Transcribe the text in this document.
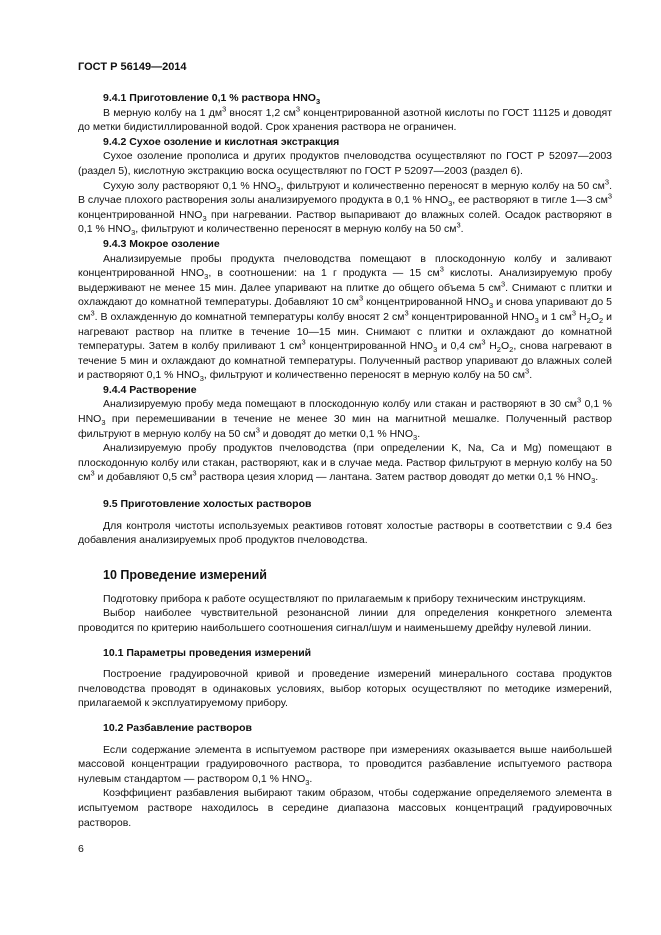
ГОСТ Р 56149—2014
9.4.1 Приготовление 0,1 % раствора $HNO_3$

В мерную колбу на 1 $дм^3$ вносят 1,2 $см^3$ концентрированной азотной кислоты по ГОСТ 11125 и доводят до метки бидистиллированной водой. Срок хранения раствора не ограничен.

9.4.2 Сухое озоление и кислотная экстракция

Сухое озоление прополиса и других продуктов пчеловодства осуществляют по ГОСТ Р 52097—2003 (раздел 5), кислотную экстракцию воска осуществляют по ГОСТ Р 52097—2003 (раздел 6).

Сухую золу растворяют 0,1 % $HNO_3$, фильтруют и количественно переносят в мерную колбу на 50 $см^3$. В случае плохого растворения золы анализируемого продукта в 0,1 % $HNO_3$, ее растворяют в тигле 1—3 $см^3$ концентрированной $HNO_3$ при нагревании. Раствор выпаривают до влажных солей. Осадок растворяют в 0,1 % $HNO_3$, фильтруют и количественно переносят в мерную колбу на 50 $см^3$.

9.4.3 Мокрое озоление

Анализируемые пробы продукта пчеловодства помещают в плоскодонную колбу и заливают концентрированной $HNO_3$, в соотношении: на 1 г продукта — 15 $см^3$ кислоты. Анализируемую пробу выдерживают не менее 15 мин. Далее упаривают на плитке до общего объема 5 $см^3$. Снимают с плитки и охлаждают до комнатной температуры. Добавляют 10 $см^3$ концентрированной $HNO_3$ и снова упаривают до 5 $см^3$. В охлажденную до комнатной температуры колбу вносят 2 $см^3$ концентрированной $HNO_3$ и 1 $см^3$ $H_2O_2$ и нагревают раствор на плитке в течение 10—15 мин. Снимают с плитки и охлаждают до комнатной температуры. Затем в колбу приливают 1 $см^3$ концентрированной $HNO_3$ и 0,4 $см^3$ $H_2O_2$, снова нагревают в течение 5 мин и охлаждают до комнатной температуры. Полученный раствор упаривают до влажных солей и растворяют 0,1 % $HNO_3$, фильтруют и количественно переносят в мерную колбу на 50 $см^3$.

9.4.4 Растворение

Анализируемую пробу меда помещают в плоскодонную колбу или стакан и растворяют в 30 $см^3$ 0,1 % $HNO_3$ при перемешивании в течение не менее 30 мин на магнитной мешалке. Полученный раствор фильтруют в мерную колбу на 50 $см^3$ и доводят до метки 0,1 % $HNO_3$.

Анализируемую пробу продуктов пчеловодства (при определении K, Na, Ca и Mg) помещают в плоскодонную колбу или стакан, растворяют, как и в случае меда. Раствор фильтруют в мерную колбу на 50 $см^3$ и добавляют 0,5 $см^3$ раствора цезия хлорид — лантана. Затем раствор доводят до метки 0,1 % $HNO_3$.

9.5 Приготовление холостых растворов

Для контроля чистоты используемых реактивов готовят холостые растворы в соответствии с 9.4 без добавления анализируемых проб продуктов пчеловодства.

10 Проведение измерений

Подготовку прибора к работе осуществляют по прилагаемым к прибору техническим инструкциям.

Выбор наиболее чувствительной резонансной линии для определения конкретного элемента проводится по критерию наибольшего соотношения сигнал/шум и наименьшему дрейфу нулевой линии.

10.1 Параметры проведения измерений

Построение градуировочной кривой и проведение измерений минерального состава продуктов пчеловодства проводят в одинаковых условиях, выбор которых осуществляют по методике измерений, прилагаемой к эксплуатируемому прибору.

10.2 Разбавление растворов

Если содержание элемента в испытуемом растворе при измерениях оказывается выше наибольшей массовой концентрации градуировочного раствора, то проводится разбавление испытуемого раствора нулевым стандартом — раствором 0,1 % $HNO_3$.

Коэффициент разбавления выбирают таким образом, чтобы содержание определяемого элемента в испытуемом растворе находилось в середине диапазона массовых концентраций градуировочных растворов.

6
